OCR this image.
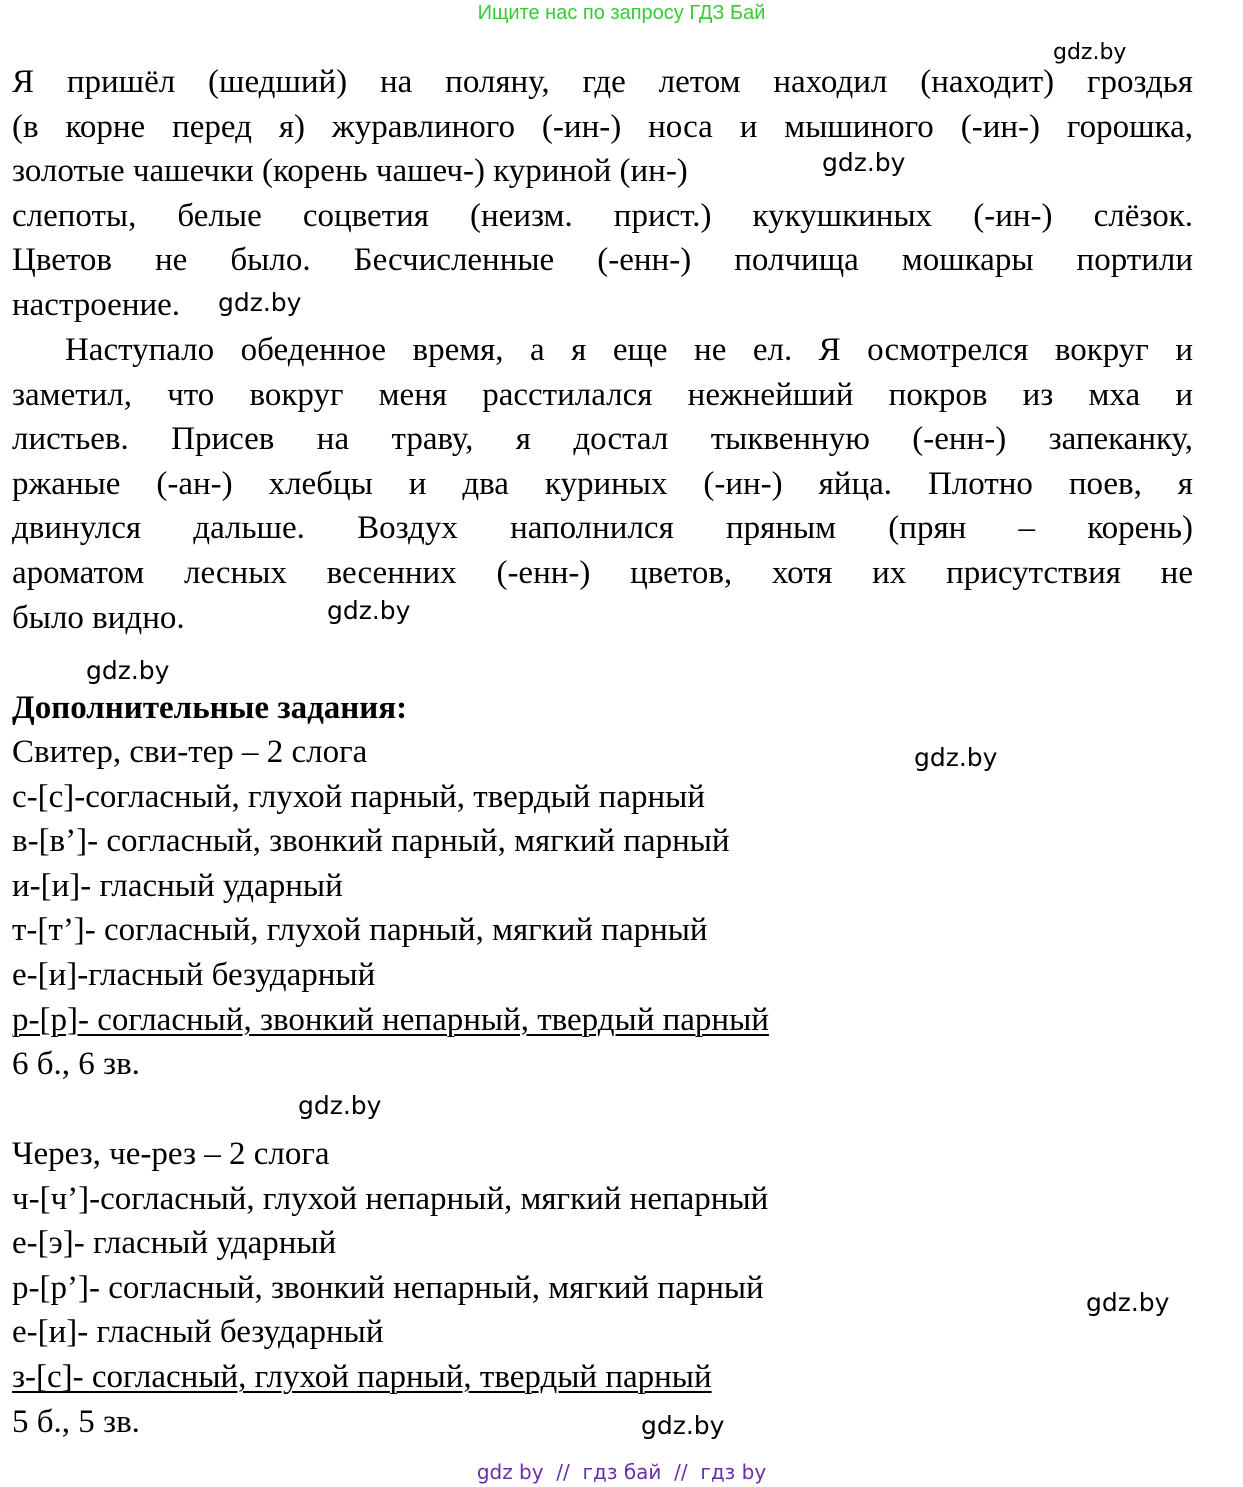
Ищите нас по запросу ГДЗ Бай
gdz.by
gdz.by
gdz.by
gdz.by
gdz.by
gdz.by
gdz.by
gdz.by
gdz.by
Я пришёл (шедший) на поляну, где летом находил (находит) гроздья
(в корне перед я) журавлиного (-ин-) носа и мышиного (-ин-) горошка,
золотые чашечки (корень чашеч-) куриной (ин-)
слепоты, белые соцветия (неизм. прист.) кукушкиных (-ин-) слёзок.
Цветов не было. Бесчисленные (-енн-) полчища мошкары портили
настроение.
Наступало обеденное время, а я еще не ел. Я осмотрелся вокруг и
заметил, что вокруг меня расстилался нежнейший покров из мха и
листьев. Присев на траву, я достал тыквенную (-енн-) запеканку,
ржаные (-ан-) хлебцы и два куриных (-ин-) яйца. Плотно поев, я
двинулся дальше. Воздух наполнился пряным (прян – корень)
ароматом лесных весенних (-енн-) цветов, хотя их присутствия не
было видно.
Дополнительные задания:
Свитер, сви-тер – 2 слога
с-[с]-согласный, глухой парный, твердый парный
в-[в’]- согласный, звонкий парный, мягкий парный
и-[и]- гласный ударный
т-[т’]- согласный, глухой парный, мягкий парный
е-[и]-гласный безударный
р-[р]- согласный, звонкий непарный, твердый парный
6 б., 6 зв.
Через, че-рез – 2 слога
ч-[ч’]-согласный, глухой непарный, мягкий непарный
е-[э]- гласный ударный
р-[р’]- согласный, звонкий непарный, мягкий парный
е-[и]- гласный безударный
з-[с]- согласный, глухой парный, твердый парный
5 б., 5 зв.
gdz by  //  гдз бай  //  гдз by
